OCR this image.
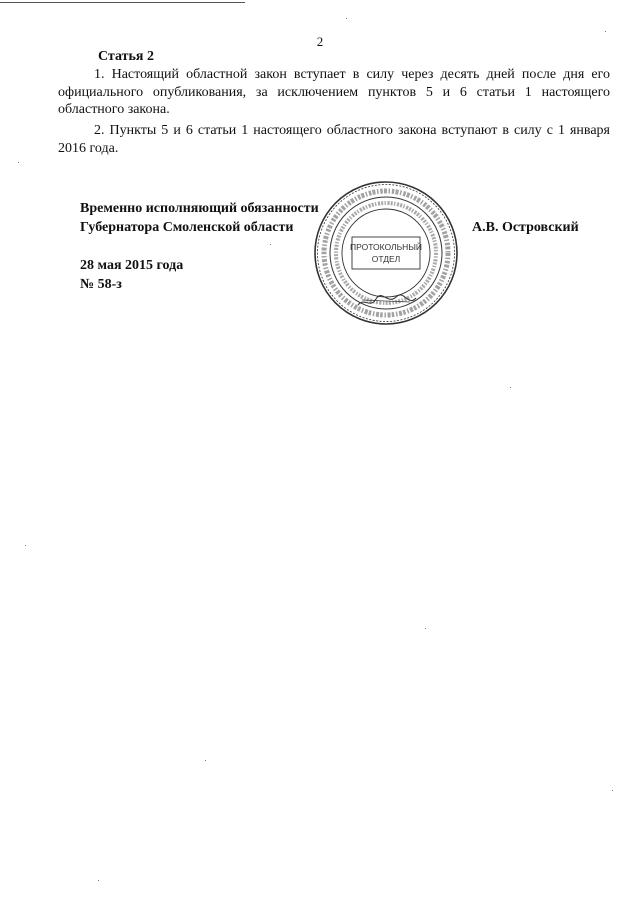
2
Статья 2

1. Настоящий областной закон вступает в силу через десять дней после дня его официального опубликования, за исключением пунктов 5 и 6 статьи 1 настоящего областного закона.

2. Пункты 5 и 6 статьи 1 настоящего областного закона вступают в силу с 1 января 2016 года.

Временно исполняющий обязанности
Губернатора Смоленской области	А.В. Островский
28 мая 2015 года
№ 58-з
ПРОТОКОЛЬНЫЙ
ОТДЕЛ
